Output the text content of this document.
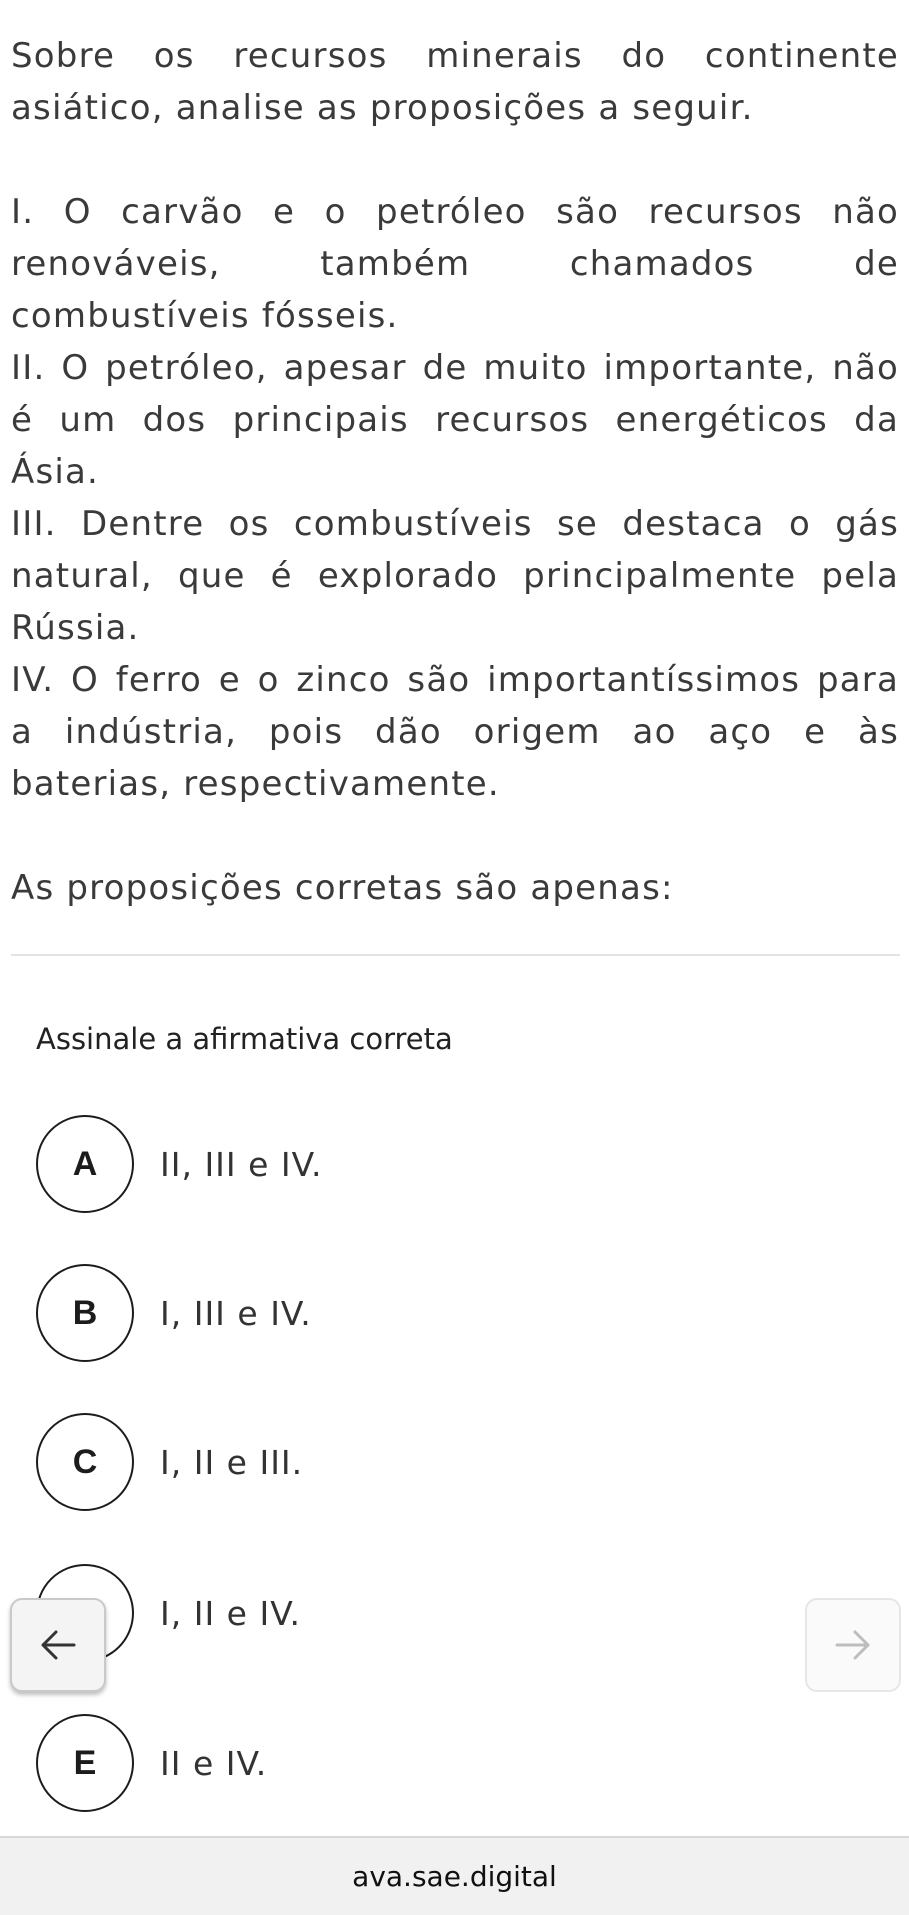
Sobre os recursos minerais do continente

asiático, analise as proposições a seguir.

I. O carvão e o petróleo são recursos não

renováveis, também chamados de

combustíveis fósseis.

II. O petróleo, apesar de muito importante, não

é um dos principais recursos energéticos da

Ásia.

III. Dentre os combustíveis se destaca o gás

natural, que é explorado principalmente pela

Rússia.

IV. O ferro e o zinco são importantíssimos para

a indústria, pois dão origem ao aço e às

baterias, respectivamente.

As proposições corretas são apenas:

Assinale a afirmativa correta
A	II, III e IV.
B	I, III e IV.
C	I, II e III.
I, II e IV.
E	II e IV.
ava.sae.digital
